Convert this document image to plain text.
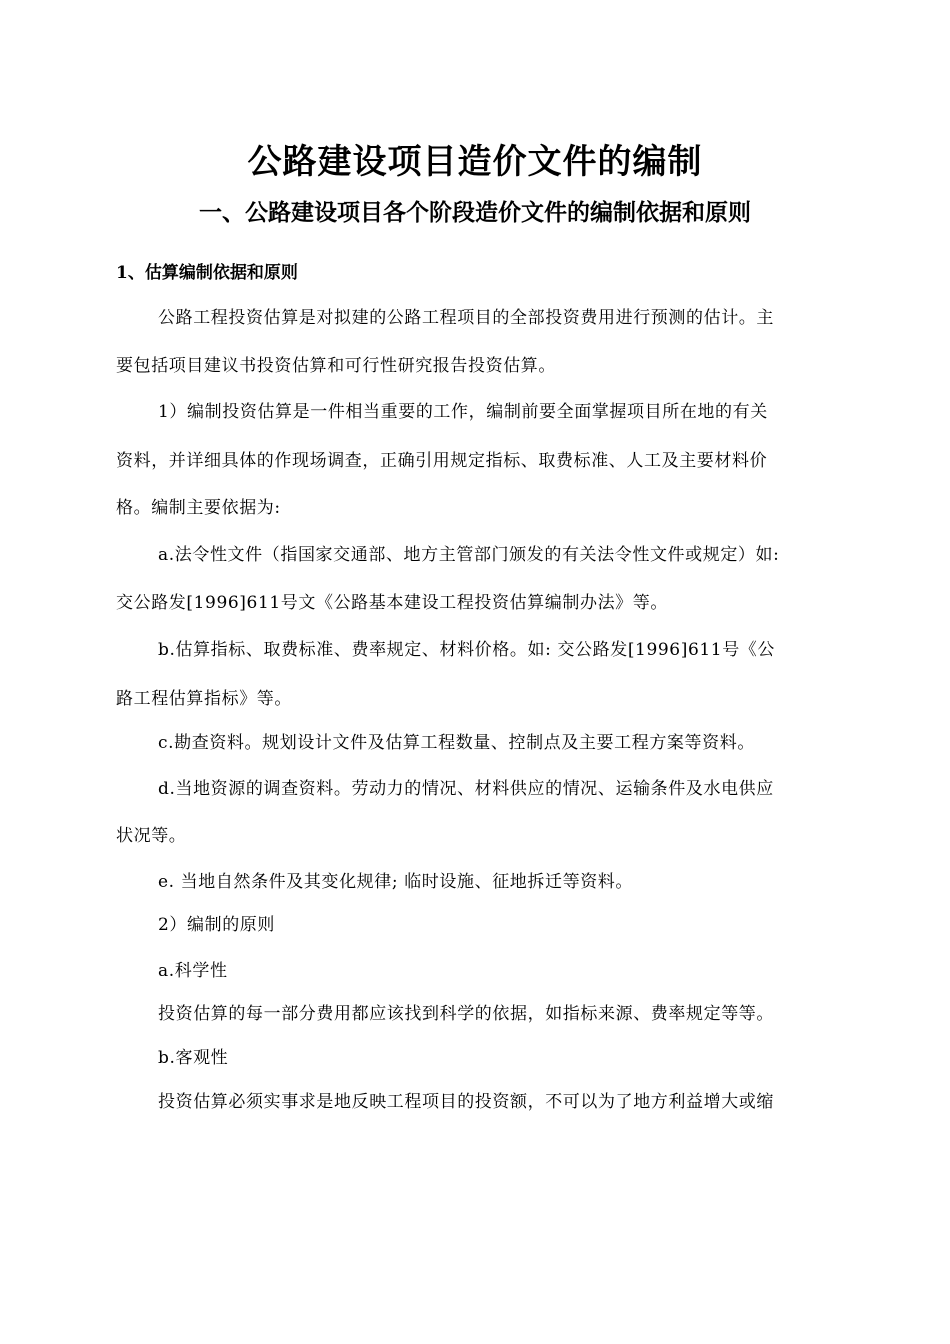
公路建设项目造价文件的编制
一、公路建设项目各个阶段造价文件的编制依据和原则
1、估算编制依据和原则
公路工程投资估算是对拟建的公路工程项目的全部投资费用进行预测的估计。主
要包括项目建议书投资估算和可行性研究报告投资估算。
1）编制投资估算是一件相当重要的工作，编制前要全面掌握项目所在地的有关
资料，并详细具体的作现场调查，正确引用规定指标、取费标准、人工及主要材料价
格。编制主要依据为:
a.法令性文件（指国家交通部、地方主管部门颁发的有关法令性文件或规定）如:
交公路发[1996]611号文《公路基本建设工程投资估算编制办法》等。
b.估算指标、取费标准、费率规定、材料价格。如: 交公路发[1996]611号《公
路工程估算指标》等。
c.勘查资料。规划设计文件及估算工程数量、控制点及主要工程方案等资料。
d.当地资源的调查资料。劳动力的情况、材料供应的情况、运输条件及水电供应
状况等。
e. 当地自然条件及其变化规律; 临时设施、征地拆迁等资料。
2）编制的原则
a.科学性
投资估算的每一部分费用都应该找到科学的依据，如指标来源、费率规定等等。
b.客观性
投资估算必须实事求是地反映工程项目的投资额，不可以为了地方利益增大或缩
